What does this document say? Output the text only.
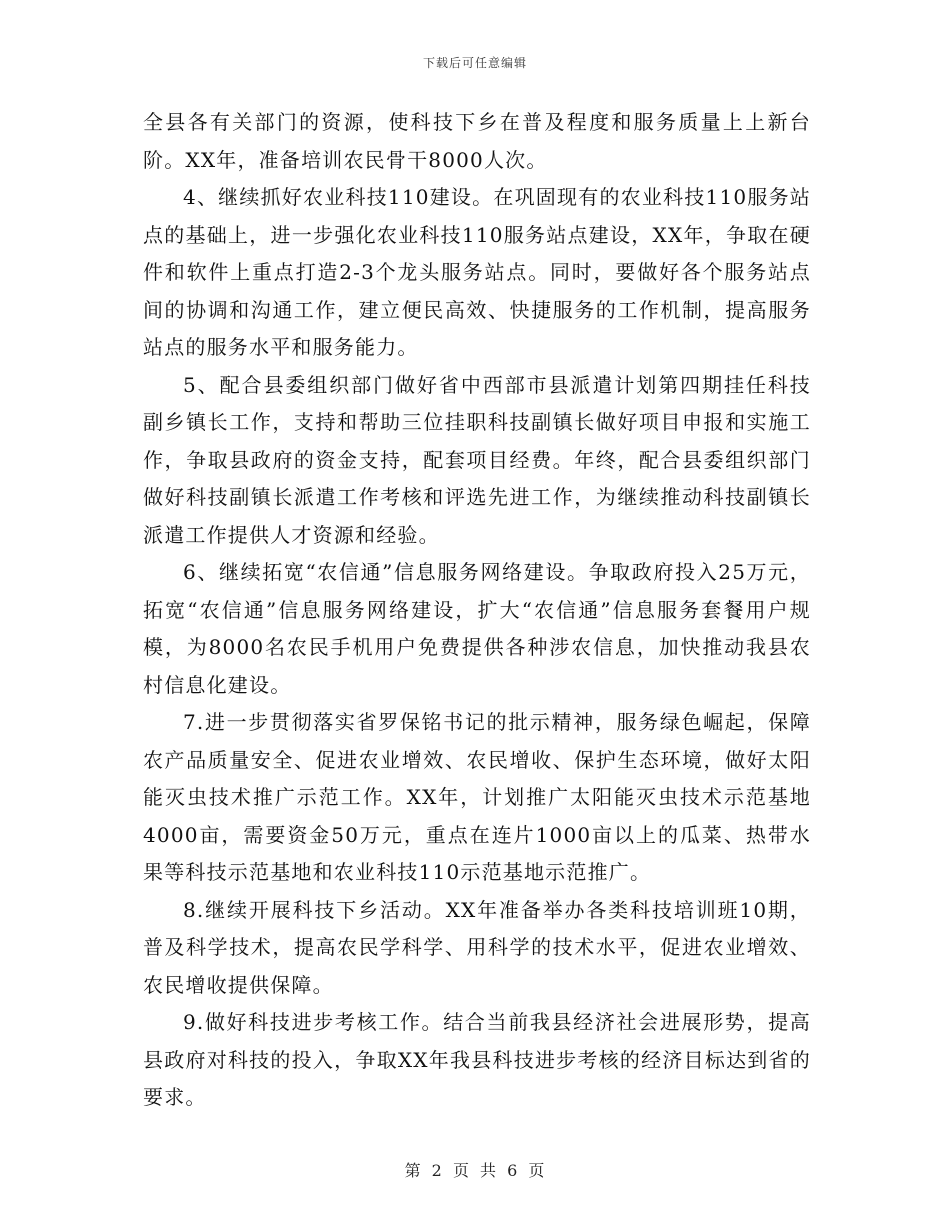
下载后可任意编辑

全县各有关部门的资源，使科技下乡在普及程度和服务质量上上新台阶。XX年，准备培训农民骨干8000人次。

4、继续抓好农业科技110建设。在巩固现有的农业科技110服务站点的基础上，进一步强化农业科技110服务站点建设，XX年，争取在硬件和软件上重点打造2-3个龙头服务站点。同时，要做好各个服务站点间的协调和沟通工作，建立便民高效、快捷服务的工作机制，提高服务站点的服务水平和服务能力。

5、配合县委组织部门做好省中西部市县派遣计划第四期挂任科技副乡镇长工作，支持和帮助三位挂职科技副镇长做好项目申报和实施工作，争取县政府的资金支持，配套项目经费。年终，配合县委组织部门做好科技副镇长派遣工作考核和评选先进工作，为继续推动科技副镇长派遣工作提供人才资源和经验。

6、继续拓宽“农信通”信息服务网络建设。争取政府投入25万元，拓宽“农信通”信息服务网络建设，扩大“农信通”信息服务套餐用户规模，为8000名农民手机用户免费提供各种涉农信息，加快推动我县农村信息化建设。

7.进一步贯彻落实省罗保铭书记的批示精神，服务绿色崛起，保障农产品质量安全、促进农业增效、农民增收、保护生态环境，做好太阳能灭虫技术推广示范工作。XX年，计划推广太阳能灭虫技术示范基地4000亩，需要资金50万元，重点在连片1000亩以上的瓜菜、热带水果等科技示范基地和农业科技110示范基地示范推广。

8.继续开展科技下乡活动。XX年准备举办各类科技培训班10期，普及科学技术，提高农民学科学、用科学的技术水平，促进农业增效、农民增收提供保障。

9.做好科技进步考核工作。结合当前我县经济社会进展形势，提高县政府对科技的投入，争取XX年我县科技进步考核的经济目标达到省的要求。

第 2 页 共 6 页
